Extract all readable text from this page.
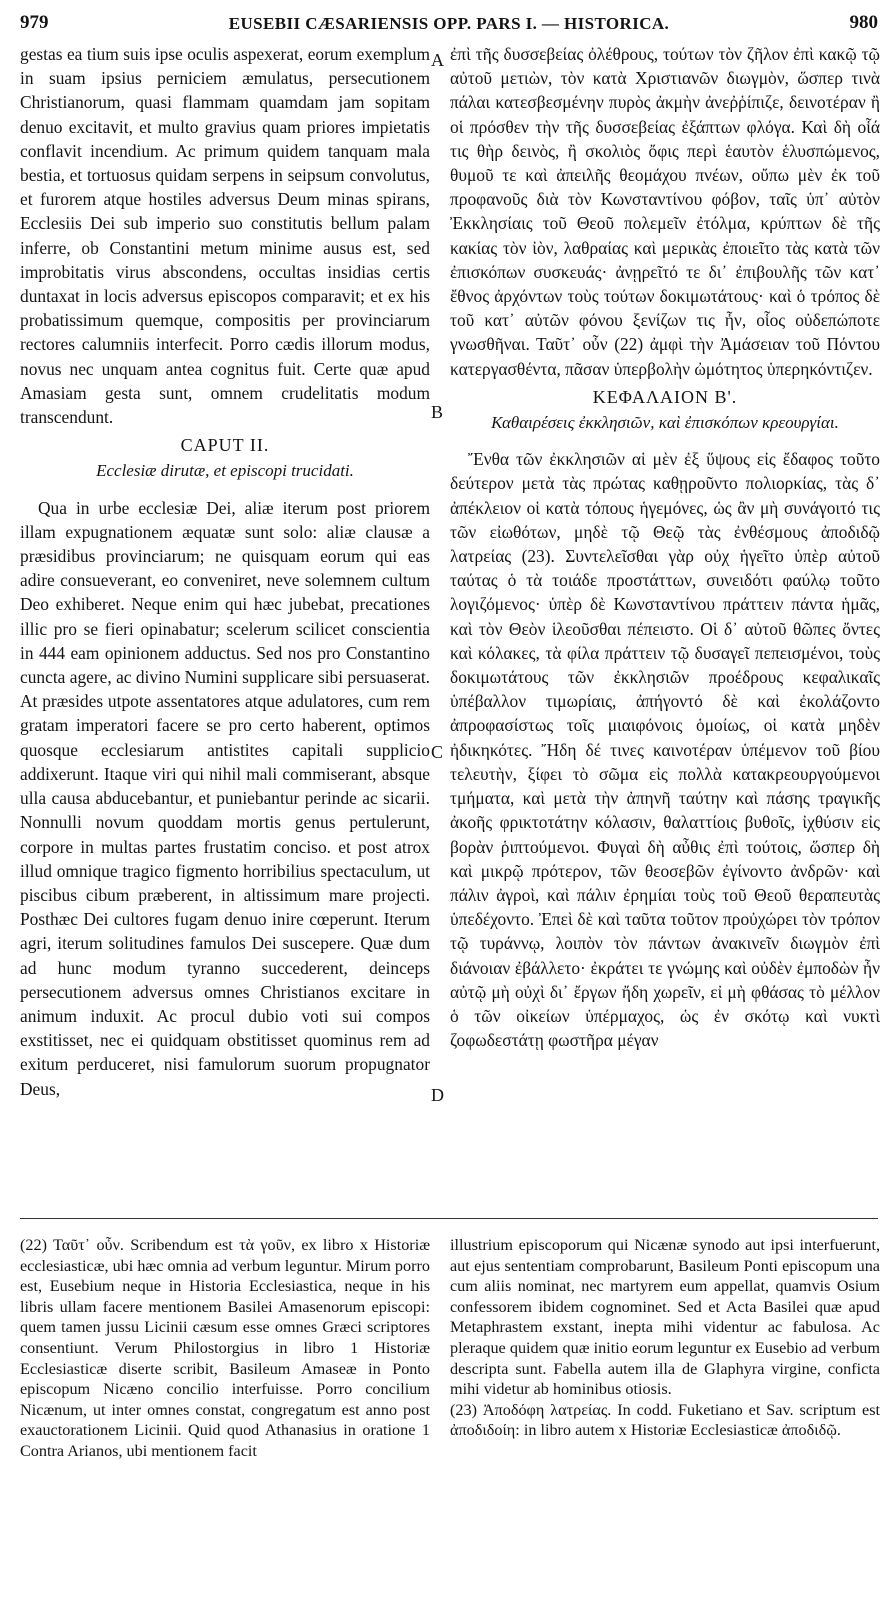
979	EUSEBII CÆSARIENSIS OPP. PARS I. — HISTORICA.	980

gestas ea tium suis ipse oculis aspexerat, eorum exemplum in suam ipsius perniciem æmulatus, persecutionem Christianorum, quasi flammam quamdam jam sopitam denuo excitavit, et multo gravius quam priores impietatis conflavit incendium. Ac primum quidem tanquam mala bestia, et tortuosus quidam serpens in seipsum convolutus, et furorem atque hostiles adversus Deum minas spirans, Ecclesiis Dei sub imperio suo constitutis bellum palam inferre, ob Constantini metum minime ausus est, sed improbitatis virus abscondens, occultas insidias certis duntaxat in locis adversus episcopos comparavit; et ex his probatissimum quemque, compositis per provinciarum rectores calumniis interfecit. Porro cædis illorum modus, novus nec unquam antea cognitus fuit. Certe quæ apud Amasiam gesta sunt, omnem crudelitatis modum transcendunt.

CAPUT II.
Ecclesiæ dirutæ, et episcopi trucidati.

Qua in urbe ecclesiæ Dei, aliæ iterum post priorem illam expugnationem æquatæ sunt solo: aliæ clausæ a præsidibus provinciarum; ne quisquam eorum qui eas adire consueverant, eo conveniret, neve solemnem cultum Deo exhiberet. Neque enim qui hæc jubebat, precationes illic pro se fieri opinabatur; scelerum scilicet conscientia in 444 eam opinionem adductus. Sed nos pro Constantino cuncta agere, ac divino Numini supplicare sibi persuaserat. At præsides utpote assentatores atque adulatores, cum rem gratam imperatori facere se pro certo haberent, optimos quosque ecclesiarum antistites capitali supplicio addixerunt. Itaque viri qui nihil mali commiserant, absque ulla causa abducebantur, et puniebantur perinde ac sicarii. Nonnulli novum quoddam mortis genus pertulerunt, corpore in multas partes frustatim conciso. et post atrox illud omnique tragico figmento horribilius spectaculum, ut piscibus cibum præberent, in altissimum mare projecti. Posthæc Dei cultores fugam denuo inire cœperunt. Iterum agri, iterum solitudines famulos Dei suscepere. Quæ dum ad hunc modum tyranno succederent, deinceps persecutionem adversus omnes Christianos excitare in animum induxit. Ac procul dubio voti sui compos exstitisset, nec ei quidquam obstitisset quominus rem ad exitum perduceret, nisi famulorum suorum propugnator Deus,

ἐπὶ τῆς δυσσεβείας ὀλέθρους, τούτων τὸν ζῆλον ἐπὶ κακῷ τῷ αὐτοῦ μετιὼν, τὸν κατὰ Χριστιανῶν διωγμὸν, ὥσπερ τινὰ πάλαι κατεσβεσμένην πυρὸς ἀκμὴν ἀνεῤῥίπιζε, δεινοτέραν ἢ οἱ πρόσθεν τὴν τῆς δυσσεβείας ἐξάπτων φλόγα. Καὶ δὴ οἷά τις θὴρ δεινὸς, ἢ σκολιὸς ὄφις περὶ ἑαυτὸν ἑλυσπώμενος, θυμοῦ τε καὶ ἀπειλῆς θεομάχου πνέων, οὔπω μὲν ἐκ τοῦ προφανοῦς διὰ τὸν Κωνσταντίνου φόβον, ταῖς ὑπ᾿ αὐτὸν Ἐκκλησίαις τοῦ Θεοῦ πολεμεῖν ἐτόλμα, κρύπτων δὲ τῆς κακίας τὸν ἰὸν, λαθραίας καὶ μερικὰς ἐποιεῖτο τὰς κατὰ τῶν ἐπισκόπων συσκευάς· ἀνῃρεῖτό τε δι᾿ ἐπιβουλῆς τῶν κατ᾿ ἔθνος ἀρχόντων τοὺς τούτων δοκιμωτάτους· καὶ ὁ τρόπος δὲ τοῦ κατ᾿ αὐτῶν φόνου ξενίζων τις ἦν, οἷος οὐδεπώποτε γνωσθῆναι. Ταῦτ᾿ οὖν (22) ἀμφὶ τὴν Ἀμάσειαν τοῦ Πόντου κατεργασθέντα, πᾶσαν ὑπερβολὴν ὠμότητος ὑπερηκόντιζεν.

ΚΕΦΑΛΑΙΟΝ Β'.
Καθαιρέσεις ἐκκλησιῶν, καὶ ἐπισκόπων κρεουργίαι.

Ἔνθα τῶν ἐκκλησιῶν αἱ μὲν ἐξ ὕψους εἰς ἔδαφος τοῦτο δεύτερον μετὰ τὰς πρώτας καθῃροῦντο πολιορκίας, τὰς δ᾿ ἀπέκλειον οἱ κατὰ τόπους ἡγεμόνες, ὡς ἂν μὴ συνάγοιτό τις τῶν εἰωθότων, μηδὲ τῷ Θεῷ τὰς ἐνθέσμους ἀποδιδῷ λατρείας (23). Συντελεῖσθαι γὰρ οὐχ ἡγεῖτο ὑπὲρ αὐτοῦ ταύτας ὁ τὰ τοιάδε προστάττων, συνειδότι φαύλῳ τοῦτο λογιζόμενος· ὑπὲρ δὲ Κωνσταντίνου πράττειν πάντα ἡμᾶς, καὶ τὸν Θεὸν ἱλεοῦσθαι πέπειστο. Οἱ δ᾿ αὐτοῦ θῶπες ὄντες καὶ κόλακες, τὰ φίλα πράττειν τῷ δυσαγεῖ πεπεισμένοι, τοὺς δοκιμωτάτους τῶν ἐκκλησιῶν προέδρους κεφαλικαῖς ὑπέβαλλον τιμωρίαις, ἀπήγοντό δὲ καὶ ἐκολάζοντο ἀπροφασίστως τοῖς μιαιφόνοις ὁμοίως, οἱ κατὰ μηδὲν ἠδικηκότες. Ἤδη δέ τινες καινοτέραν ὑπέμενον τοῦ βίου τελευτὴν, ξίφει τὸ σῶμα εἰς πολλὰ κατακρεουργούμενοι τμήματα, καὶ μετὰ τὴν ἀπηνῆ ταύτην καὶ πάσης τραγικῆς ἀκοῆς φρικτοτάτην κόλασιν, θαλαττίοις βυθοῖς, ἰχθύσιν εἰς βορὰν ῥιπτούμενοι. Φυγαὶ δὴ αὖθις ἐπὶ τούτοις, ὥσπερ δὴ καὶ μικρῷ πρότερον, τῶν θεοσεβῶν ἐγίνοντο ἀνδρῶν· καὶ πάλιν ἀγροὶ, καὶ πάλιν ἐρημίαι τοὺς τοῦ Θεοῦ θεραπευτὰς ὑπεδέχοντο. Ἐπεὶ δὲ καὶ ταῦτα τοῦτον προὐχώρει τὸν τρόπον τῷ τυράννῳ, λοιπὸν τὸν πάντων ἀνακινεῖν διωγμὸν ἐπὶ διάνοιαν ἐβάλλετο· ἐκράτει τε γνώμης καὶ οὐδὲν ἐμποδὼν ἦν αὐτῷ μὴ οὐχὶ δι᾿ ἔργων ἤδη χωρεῖν, εἰ μὴ φθάσας τὸ μέλλον ὁ τῶν οἰκείων ὑπέρμαχος, ὡς ἐν σκότῳ καὶ νυκτὶ ζοφωδεστάτῃ φωστῆρα μέγαν

A
B
C
D

(22) Ταῦτ᾿ οὖν. Scribendum est τὰ γοῦν, ex libro x Historiæ ecclesiasticæ, ubi hæc omnia ad verbum leguntur. Mirum porro est, Eusebium neque in Historia Ecclesiastica, neque in his libris ullam facere mentionem Basilei Amasenorum episcopi: quem tamen jussu Licinii cæsum esse omnes Græci scriptores consentiunt. Verum Philostorgius in libro 1 Historiæ Ecclesiasticæ diserte scribit, Basileum Amaseæ in Ponto episcopum Nicæno concilio interfuisse. Porro concilium Nicænum, ut inter omnes constat, congregatum est anno post exauctorationem Licinii. Quid quod Athanasius in oratione 1 Contra Arianos, ubi mentionem facit

illustrium episcoporum qui Nicænæ synodo aut ipsi interfuerunt, aut ejus sententiam comprobarunt, Basileum Ponti episcopum una cum aliis nominat, nec martyrem eum appellat, quamvis Osium confessorem ibidem cognominet. Sed et Acta Basilei quæ apud Metaphrastem exstant, inepta mihi videntur ac fabulosa. Ac pleraque quidem quæ initio eorum leguntur ex Eusebio ad verbum descripta sunt. Fabella autem illa de Glaphyra virgine, conficta mihi videtur ab hominibus otiosis.

(23) Ἀποδόφη λατρείας. In codd. Fuketiano et Sav. scriptum est ἀποδιδοίη: in libro autem x Historiæ Ecclesiasticæ ἀποδιδῷ.
